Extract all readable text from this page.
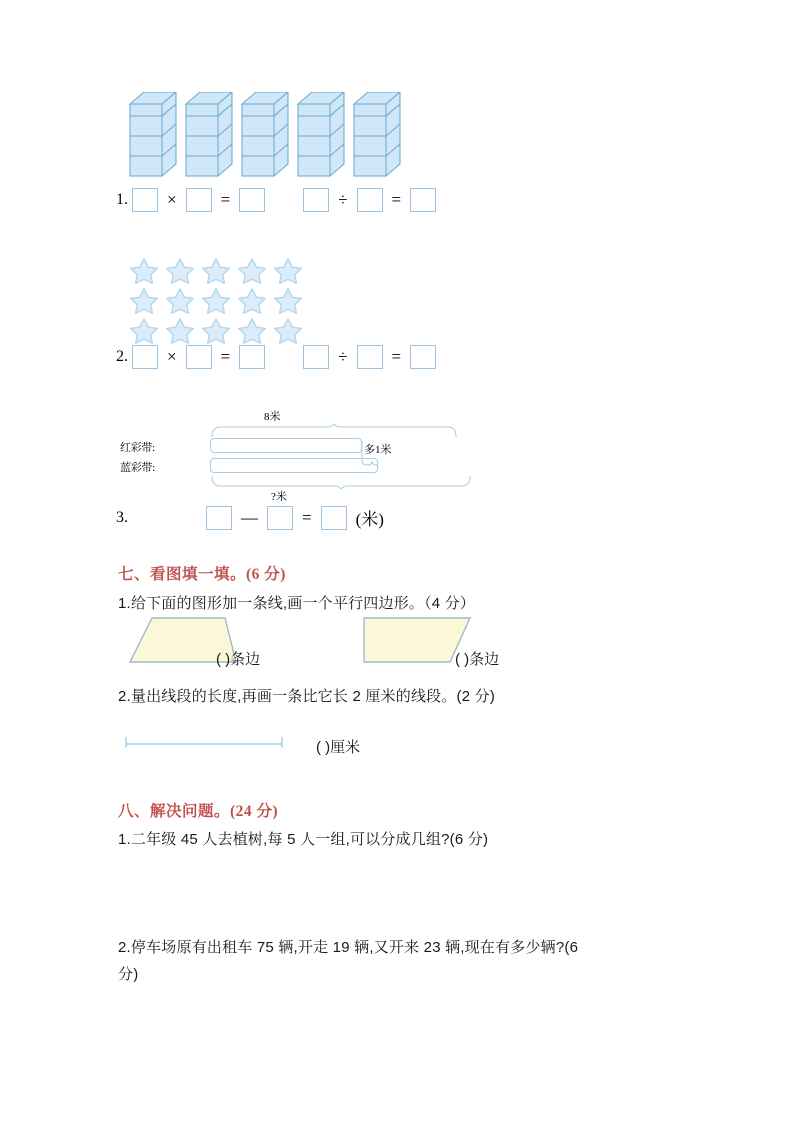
1. ×	=	÷	=

2. ×	=	÷	=
8米
红彩带:
蓝彩带:
多1米
?米
3.	—	=	(米)
七、看图填一填。(6 分)
1.给下面的图形加一条线,画一个平行四边形。（4 分）
( )条边	( )条边
2.量出线段的长度,再画一条比它长 2 厘米的线段。(2 分)
( )厘米
八、解决问题。(24 分)
1.二年级 45 人去植树,每 5 人一组,可以分成几组?(6 分)
2.停车场原有出租车 75 辆,开走 19 辆,又开来 23 辆,现在有多少辆?(6
分)
